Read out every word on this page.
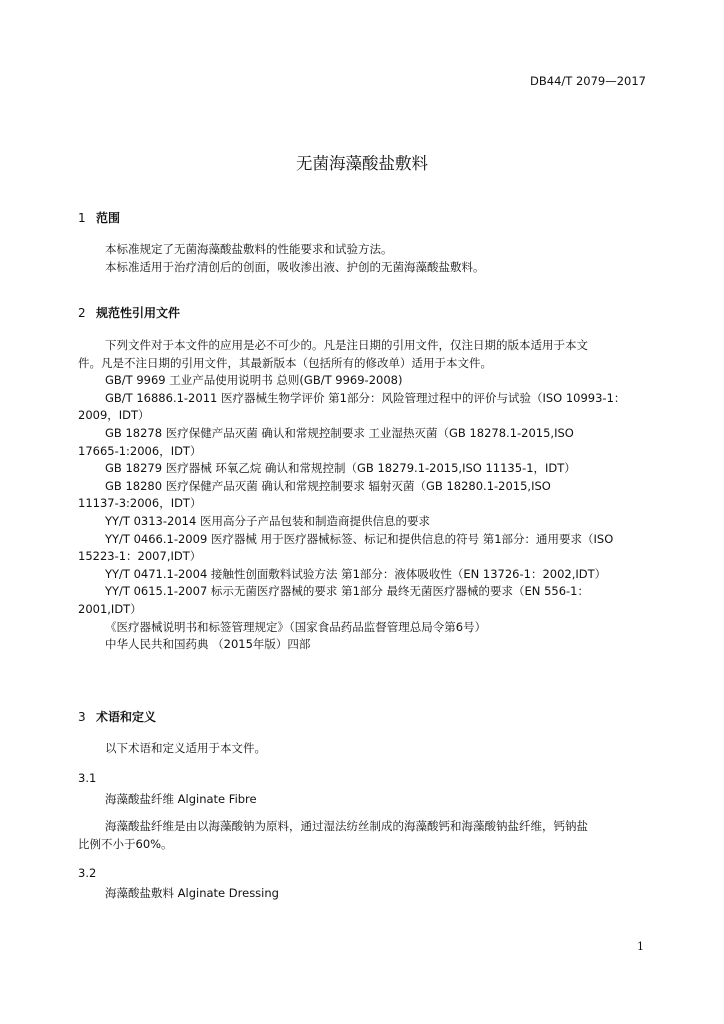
DB44/T 2079—2017
无菌海藻酸盐敷料
1 范围
本标准规定了无菌海藻酸盐敷料的性能要求和试验方法。
本标准适用于治疗清创后的创面，吸收渗出液、护创的无菌海藻酸盐敷料。
2 规范性引用文件
下列文件对于本文件的应用是必不可少的。凡是注日期的引用文件，仅注日期的版本适用于本文
件。凡是不注日期的引用文件，其最新版本（包括所有的修改单）适用于本文件。
GB/T 9969 工业产品使用说明书 总则(GB/T 9969-2008)
GB/T 16886.1-2011 医疗器械生物学评价 第1部分：风险管理过程中的评价与试验（ISO 10993-1：
2009，IDT）
GB 18278 医疗保健产品灭菌 确认和常规控制要求 工业湿热灭菌（GB 18278.1-2015,ISO
17665-1:2006，IDT）
GB 18279 医疗器械 环氧乙烷 确认和常规控制（GB 18279.1-2015,ISO 11135-1，IDT）
GB 18280 医疗保健产品灭菌 确认和常规控制要求 辐射灭菌（GB 18280.1-2015,ISO
11137-3:2006，IDT）
YY/T 0313-2014 医用高分子产品包装和制造商提供信息的要求
YY/T 0466.1-2009 医疗器械 用于医疗器械标签、标记和提供信息的符号 第1部分：通用要求（ISO
15223-1：2007,IDT）
YY/T 0471.1-2004 接触性创面敷料试验方法 第1部分：液体吸收性（EN 13726-1：2002,IDT）
YY/T 0615.1-2007 标示无菌医疗器械的要求 第1部分 最终无菌医疗器械的要求（EN 556-1：
2001,IDT）
《医疗器械说明书和标签管理规定》（国家食品药品监督管理总局令第6号）
中华人民共和国药典 （2015年版）四部
3 术语和定义
以下术语和定义适用于本文件。
3.1
海藻酸盐纤维 Alginate Fibre
海藻酸盐纤维是由以海藻酸钠为原料，通过湿法纺丝制成的海藻酸钙和海藻酸钠盐纤维，钙钠盐
比例不小于60%。
3.2
海藻酸盐敷料 Alginate Dressing
1
